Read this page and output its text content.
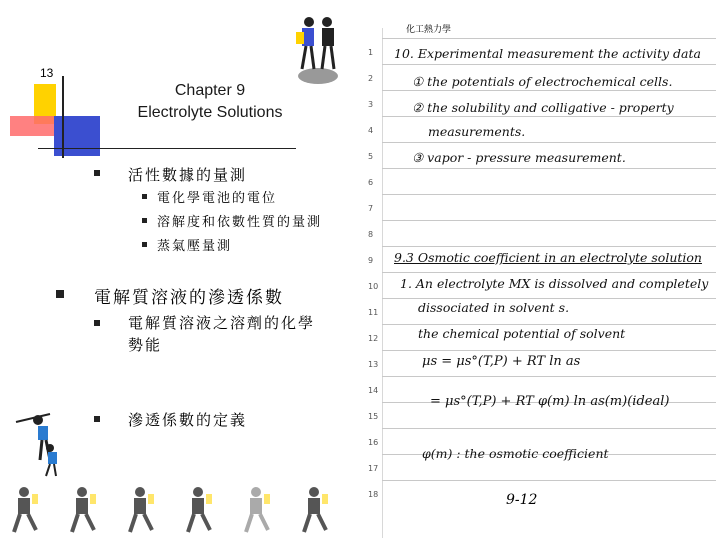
13
Chapter 9
Electrolyte Solutions
活性數據的量測
電化學電池的電位
溶解度和依數性質的量測
蒸氣壓量測
電解質溶液的滲透係數
電解質溶液之溶劑的化學
勢能
滲透係數的定義
化工熱力學
1
2
3
4
5
6
7
8
9
10
11
12
13
14
15
16
17
18
10. Experimental measurement the activity data
① the potentials of electrochemical cells.
② the solubility and colligative - property
measurements.
③ vapor - pressure measurement.
9.3 Osmotic coefficient in an electrolyte solution
1. An electrolyte MX is dissolved and completely
dissociated in solvent s.
the chemical potential of solvent
μs = μs°(T,P) + RT ln as
= μs°(T,P) + RT φ(m) ln as(m)(ideal)
φ(m) : the osmotic coefficient
9-12
